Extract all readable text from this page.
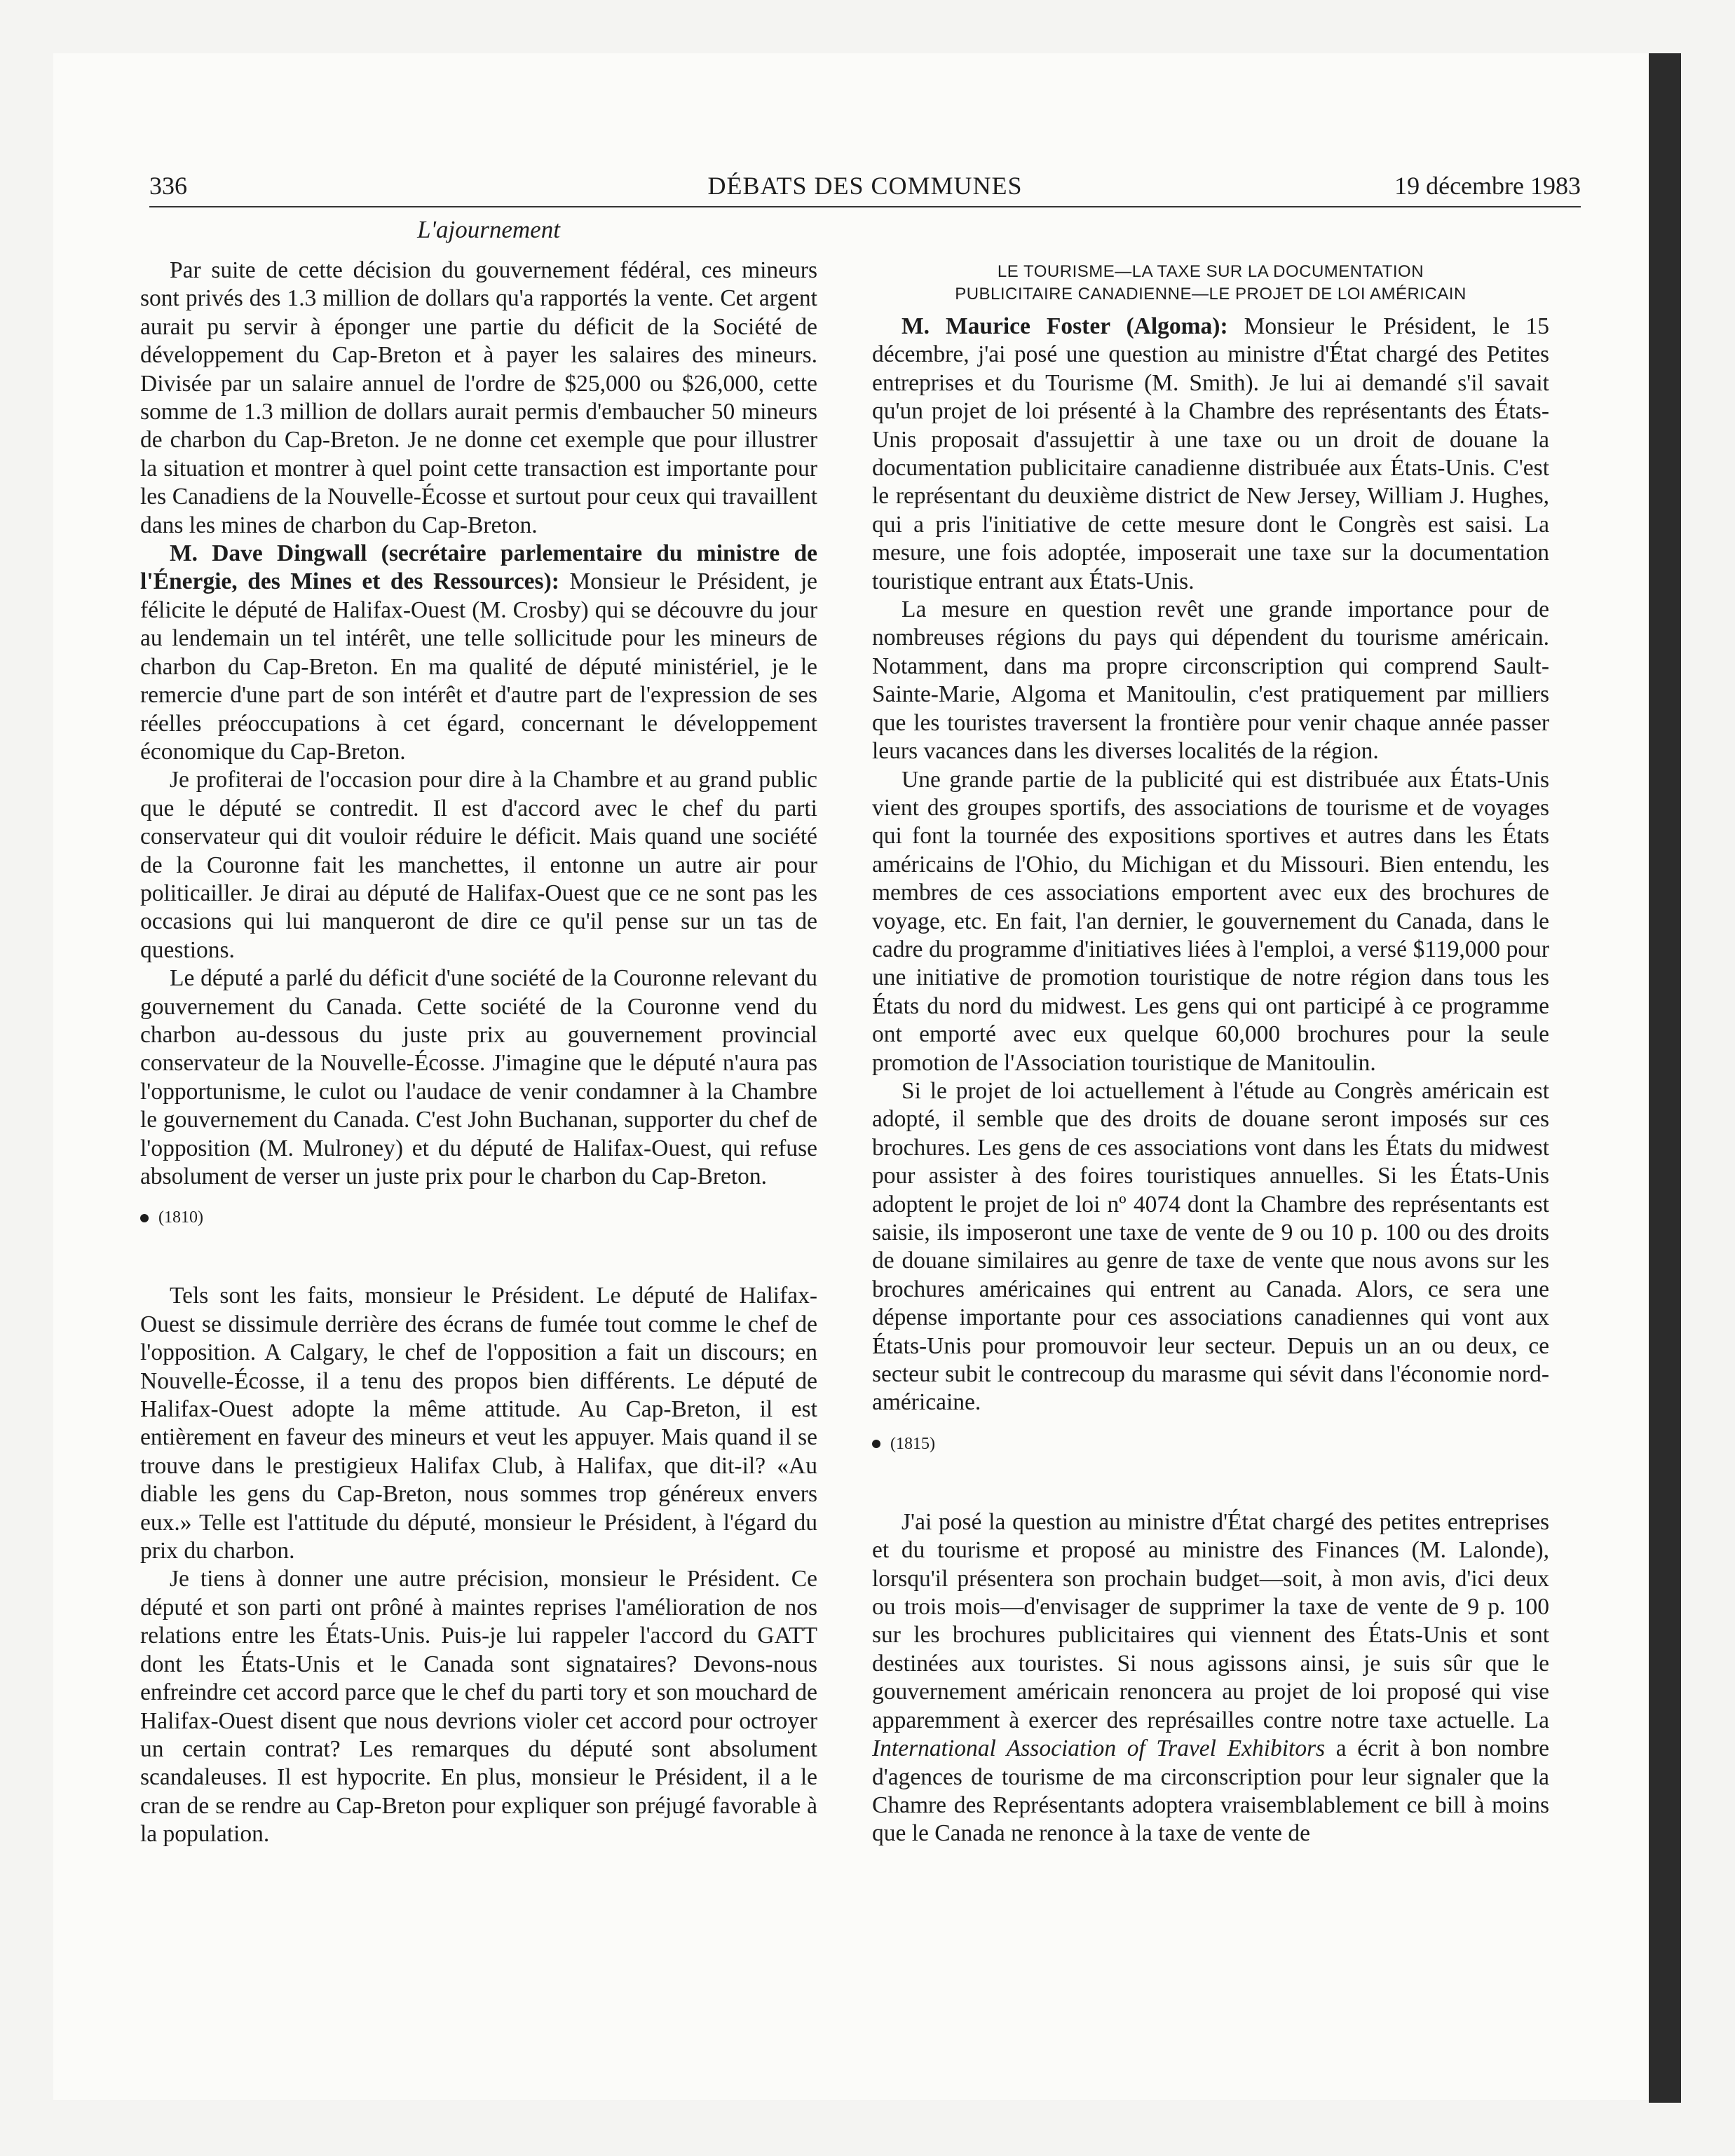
336	DÉBATS DES COMMUNES	19 décembre 1983
L'ajournement

Par suite de cette décision du gouvernement fédéral, ces mineurs sont privés des 1.3 million de dollars qu'a rapportés la vente. Cet argent aurait pu servir à éponger une partie du déficit de la Société de développement du Cap-Breton et à payer les salaires des mineurs. Divisée par un salaire annuel de l'ordre de $25,000 ou $26,000, cette somme de 1.3 million de dollars aurait permis d'embaucher 50 mineurs de charbon du Cap-Breton. Je ne donne cet exemple que pour illustrer la situation et montrer à quel point cette transaction est importante pour les Canadiens de la Nouvelle-Écosse et surtout pour ceux qui travaillent dans les mines de charbon du Cap-Breton.

M. Dave Dingwall (secrétaire parlementaire du ministre de l'Énergie, des Mines et des Ressources): Monsieur le Président, je félicite le député de Halifax-Ouest (M. Crosby) qui se découvre du jour au lendemain un tel intérêt, une telle sollicitude pour les mineurs de charbon du Cap-Breton. En ma qualité de député ministériel, je le remercie d'une part de son intérêt et d'autre part de l'expression de ses réelles préoccupations à cet égard, concernant le développement économique du Cap-Breton.

Je profiterai de l'occasion pour dire à la Chambre et au grand public que le député se contredit. Il est d'accord avec le chef du parti conservateur qui dit vouloir réduire le déficit. Mais quand une société de la Couronne fait les manchettes, il entonne un autre air pour politicailler. Je dirai au député de Halifax-Ouest que ce ne sont pas les occasions qui lui manqueront de dire ce qu'il pense sur un tas de questions.

Le député a parlé du déficit d'une société de la Couronne relevant du gouvernement du Canada. Cette société de la Couronne vend du charbon au-dessous du juste prix au gouvernement provincial conservateur de la Nouvelle-Écosse. J'imagine que le député n'aura pas l'opportunisme, le culot ou l'audace de venir condamner à la Chambre le gouvernement du Canada. C'est John Buchanan, supporter du chef de l'opposition (M. Mulroney) et du député de Halifax-Ouest, qui refuse absolument de verser un juste prix pour le charbon du Cap-Breton.

(1810)

Tels sont les faits, monsieur le Président. Le député de Halifax-Ouest se dissimule derrière des écrans de fumée tout comme le chef de l'opposition. A Calgary, le chef de l'opposition a fait un discours; en Nouvelle-Écosse, il a tenu des propos bien différents. Le député de Halifax-Ouest adopte la même attitude. Au Cap-Breton, il est entièrement en faveur des mineurs et veut les appuyer. Mais quand il se trouve dans le prestigieux Halifax Club, à Halifax, que dit-il? «Au diable les gens du Cap-Breton, nous sommes trop généreux envers eux.» Telle est l'attitude du député, monsieur le Président, à l'égard du prix du charbon.

Je tiens à donner une autre précision, monsieur le Président. Ce député et son parti ont prôné à maintes reprises l'amélioration de nos relations entre les États-Unis. Puis-je lui rappeler l'accord du GATT dont les États-Unis et le Canada sont signataires? Devons-nous enfreindre cet accord parce que le chef du parti tory et son mouchard de Halifax-Ouest disent que nous devrions violer cet accord pour octroyer un certain contrat? Les remarques du député sont absolument scandaleuses. Il est hypocrite. En plus, monsieur le Président, il a le cran de se rendre au Cap-Breton pour expliquer son préjugé favorable à la population.

LE TOURISME—LA TAXE SUR LA DOCUMENTATION
PUBLICITAIRE CANADIENNE—LE PROJET DE LOI AMÉRICAIN

M. Maurice Foster (Algoma): Monsieur le Président, le 15 décembre, j'ai posé une question au ministre d'État chargé des Petites entreprises et du Tourisme (M. Smith). Je lui ai demandé s'il savait qu'un projet de loi présenté à la Chambre des représentants des États-Unis proposait d'assujettir à une taxe ou un droit de douane la documentation publicitaire canadienne distribuée aux États-Unis. C'est le représentant du deuxième district de New Jersey, William J. Hughes, qui a pris l'initiative de cette mesure dont le Congrès est saisi. La mesure, une fois adoptée, imposerait une taxe sur la documentation touristique entrant aux États-Unis.

La mesure en question revêt une grande importance pour de nombreuses régions du pays qui dépendent du tourisme américain. Notamment, dans ma propre circonscription qui comprend Sault-Sainte-Marie, Algoma et Manitoulin, c'est pratiquement par milliers que les touristes traversent la frontière pour venir chaque année passer leurs vacances dans les diverses localités de la région.

Une grande partie de la publicité qui est distribuée aux États-Unis vient des groupes sportifs, des associations de tourisme et de voyages qui font la tournée des expositions sportives et autres dans les États américains de l'Ohio, du Michigan et du Missouri. Bien entendu, les membres de ces associations emportent avec eux des brochures de voyage, etc. En fait, l'an dernier, le gouvernement du Canada, dans le cadre du programme d'initiatives liées à l'emploi, a versé $119,000 pour une initiative de promotion touristique de notre région dans tous les États du nord du midwest. Les gens qui ont participé à ce programme ont emporté avec eux quelque 60,000 brochures pour la seule promotion de l'Association touristique de Manitoulin.

Si le projet de loi actuellement à l'étude au Congrès américain est adopté, il semble que des droits de douane seront imposés sur ces brochures. Les gens de ces associations vont dans les États du midwest pour assister à des foires touristiques annuelles. Si les États-Unis adoptent le projet de loi nº 4074 dont la Chambre des représentants est saisie, ils imposeront une taxe de vente de 9 ou 10 p. 100 ou des droits de douane similaires au genre de taxe de vente que nous avons sur les brochures américaines qui entrent au Canada. Alors, ce sera une dépense importante pour ces associations canadiennes qui vont aux États-Unis pour promouvoir leur secteur. Depuis un an ou deux, ce secteur subit le contrecoup du marasme qui sévit dans l'économie nord-américaine.

(1815)

J'ai posé la question au ministre d'État chargé des petites entreprises et du tourisme et proposé au ministre des Finances (M. Lalonde), lorsqu'il présentera son prochain budget—soit, à mon avis, d'ici deux ou trois mois—d'envisager de supprimer la taxe de vente de 9 p. 100 sur les brochures publicitaires qui viennent des États-Unis et sont destinées aux touristes. Si nous agissons ainsi, je suis sûr que le gouvernement américain renoncera au projet de loi proposé qui vise apparemment à exercer des représailles contre notre taxe actuelle. La International Association of Travel Exhibitors a écrit à bon nombre d'agences de tourisme de ma circonscription pour leur signaler que la Chamre des Représentants adoptera vraisemblablement ce bill à moins que le Canada ne renonce à la taxe de vente de
